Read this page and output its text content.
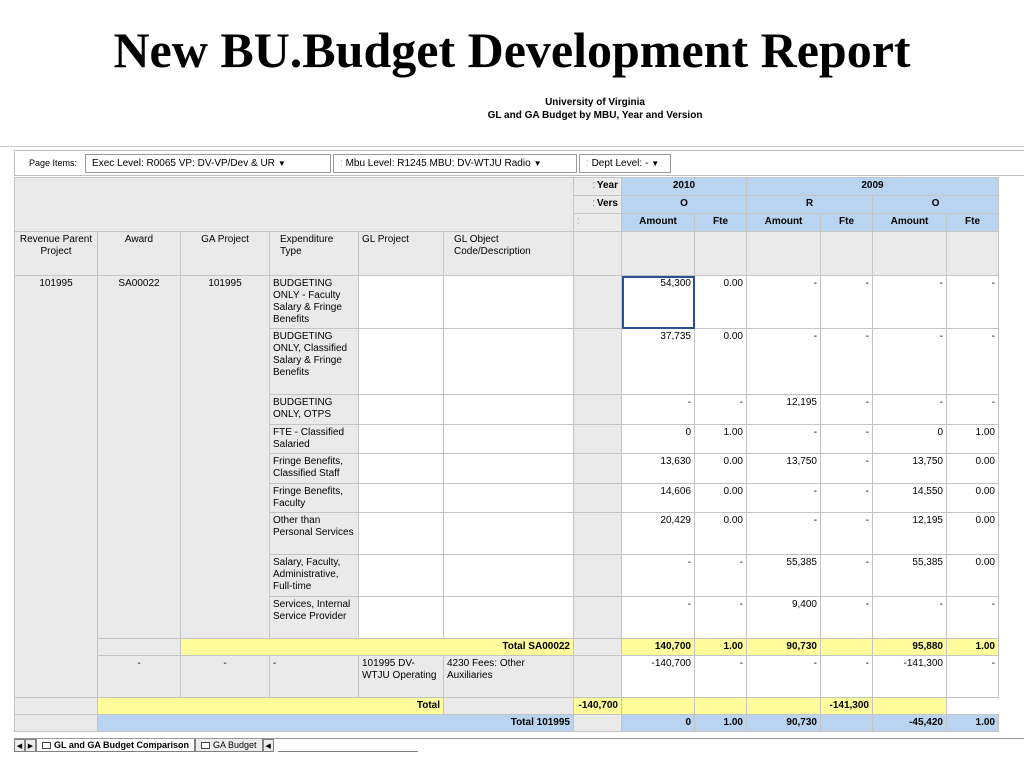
New BU.Budget Development Report
University of Virginia
GL and GA Budget by MBU, Year and Version
Page Items: Exec Level: R0065 VP: DV-VP/Dev & UR ▼	⁚ Mbu Level: R1245 MBU: DV-WTJU Radio ▼	⁚ Dept Level: - ▼
						⁚ Year	2010		2009			
						⁚ Vers	O		R		O	
						⁚	Amount	Fte	Amount	Fte	Amount	Fte
Revenue Parent Project	Award	GA Project	Expenditure Type	GL Project	GL Object Code/Description							
101995	SA00022	101995	BUDGETING ONLY - Faculty Salary & Fringe Benefits				54,300	0.00	-	-	-	-
			BUDGETING ONLY, Classified Salary & Fringe Benefits				37,735	0.00	-	-	-	-
			BUDGETING ONLY, OTPS				-	-	12,195	-	-	-
			FTE - Classified Salaried				0	1.00	-	-	0	1.00
			Fringe Benefits, Classified Staff				13,630	0.00	13,750	-	13,750	0.00
			Fringe Benefits, Faculty				14,606	0.00	-	-	14,550	0.00
			Other than Personal Services				20,429	0.00	-	-	12,195	0.00
			Salary, Faculty, Administrative, Full-time				-	-	55,385	-	55,385	0.00
			Services, Internal Service Provider				-	-	9,400	-	-	-
		Total SA00022					140,700	1.00	90,730		95,880	1.00
	-	-	-	101995 DV-WTJU Operating	4230 Fees: Other Auxiliaries		-140,700	-	-	-	-141,300	-
	Total					-140,700				-141,300		
	Total 101995						0	1.00	90,730		-45,420	1.00
◀ ▶	GL and GA Budget Comparison	GA Budget	◀
